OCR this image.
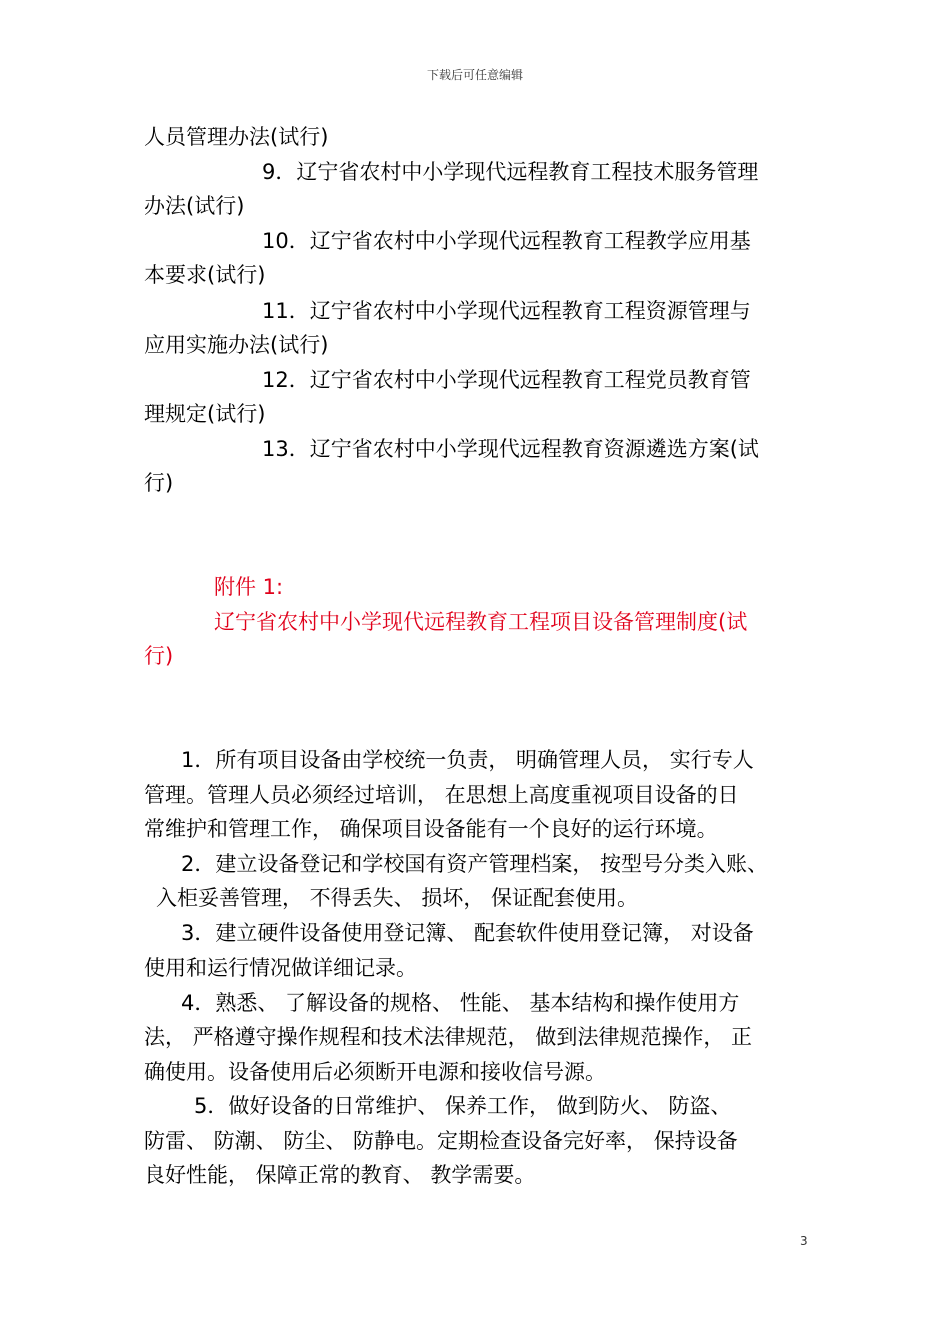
下载后可任意编辑
人员管理办法(试行)
9．辽宁省农村中小学现代远程教育工程技术服务管理
办法(试行)
10．辽宁省农村中小学现代远程教育工程教学应用基
本要求(试行)
11．辽宁省农村中小学现代远程教育工程资源管理与
应用实施办法(试行)
12．辽宁省农村中小学现代远程教育工程党员教育管
理规定(试行)
13．辽宁省农村中小学现代远程教育资源遴选方案(试
行)
附件 1:
辽宁省农村中小学现代远程教育工程项目设备管理制度(试
行)
1．所有项目设备由学校统一负责， 明确管理人员， 实行专人
管理。管理人员必须经过培训， 在思想上高度重视项目设备的日
常维护和管理工作， 确保项目设备能有一个良好的运行环境。
2．建立设备登记和学校国有资产管理档案， 按型号分类入账、
入柜妥善管理， 不得丢失、 损坏， 保证配套使用。
3．建立硬件设备使用登记簿、 配套软件使用登记簿， 对设备
使用和运行情况做详细记录。
4．熟悉、 了解设备的规格、 性能、 基本结构和操作使用方
法， 严格遵守操作规程和技术法律规范， 做到法律规范操作， 正
确使用。设备使用后必须断开电源和接收信号源。
5．做好设备的日常维护、 保养工作， 做到防火、 防盗、
防雷、 防潮、 防尘、 防静电。定期检查设备完好率， 保持设备
良好性能， 保障正常的教育、 教学需要。
3
